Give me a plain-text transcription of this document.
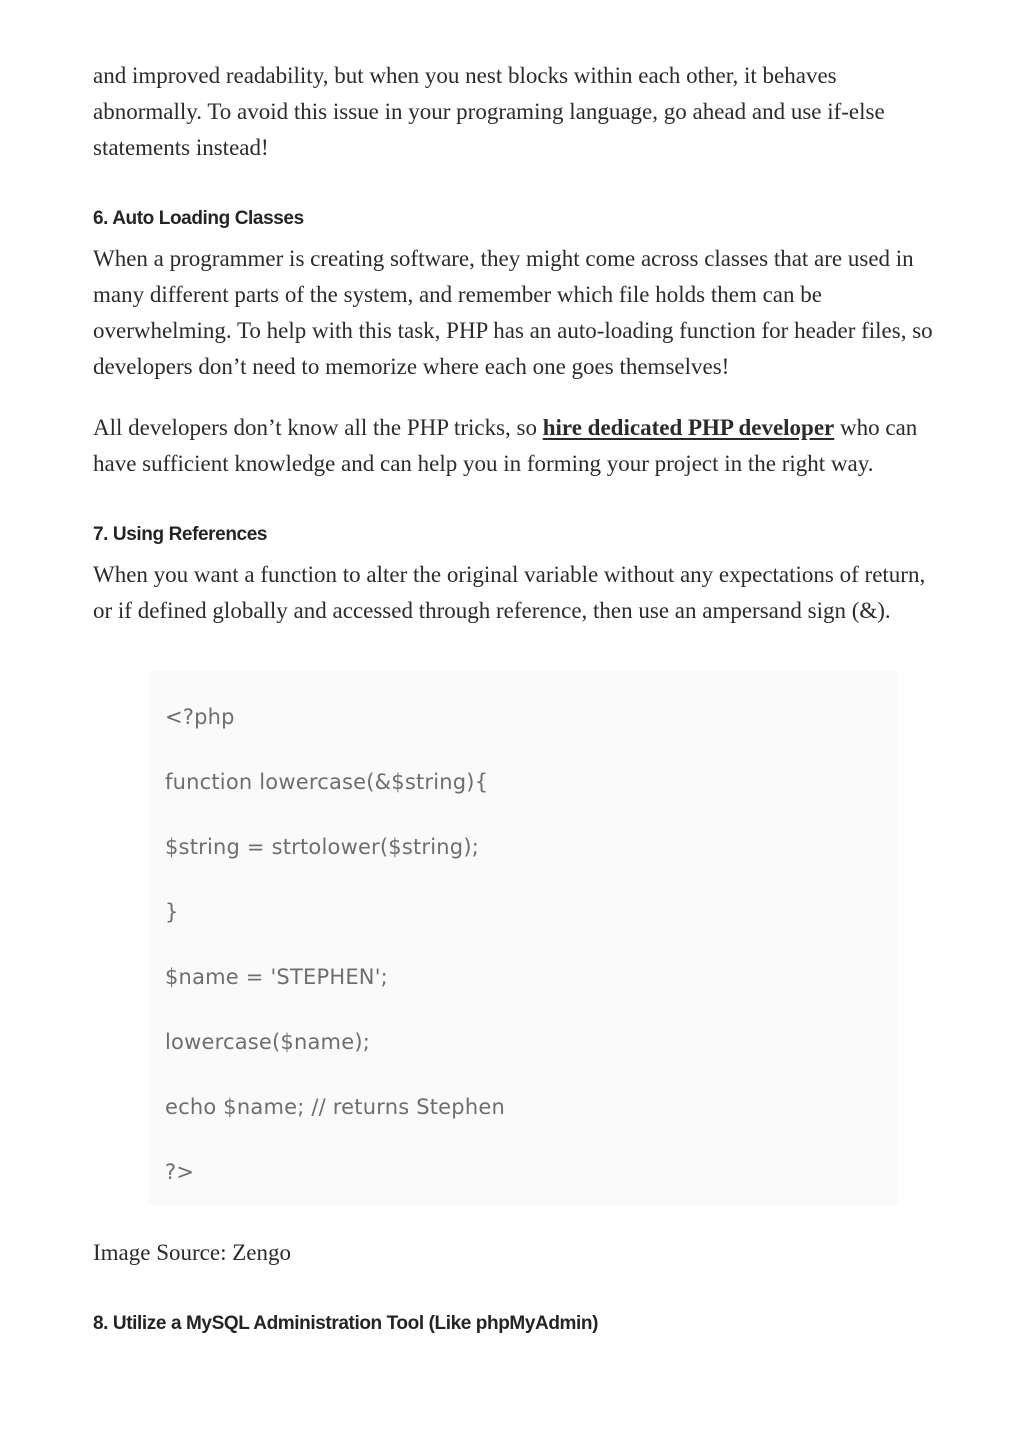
and improved readability, but when you nest blocks within each other, it behaves abnormally. To avoid this issue in your programing language, go ahead and use if-else statements instead!

6. Auto Loading Classes

When a programmer is creating software, they might come across classes that are used in many different parts of the system, and remember which file holds them can be overwhelming. To help with this task, PHP has an auto-loading function for header files, so developers don’t need to memorize where each one goes themselves!

All developers don’t know all the PHP tricks, so hire dedicated PHP developer who can have sufficient knowledge and can help you in forming your project in the right way.

7. Using References

When you want a function to alter the original variable without any expectations of return, or if defined globally and accessed through reference, then use an ampersand sign (&).

<?php
function lowercase(&$string){
$string = strtolower($string);
}
$name = 'STEPHEN';
lowercase($name);
echo $name; // returns Stephen
?>

Image Source: Zengo

8. Utilize a MySQL Administration Tool (Like phpMyAdmin)
